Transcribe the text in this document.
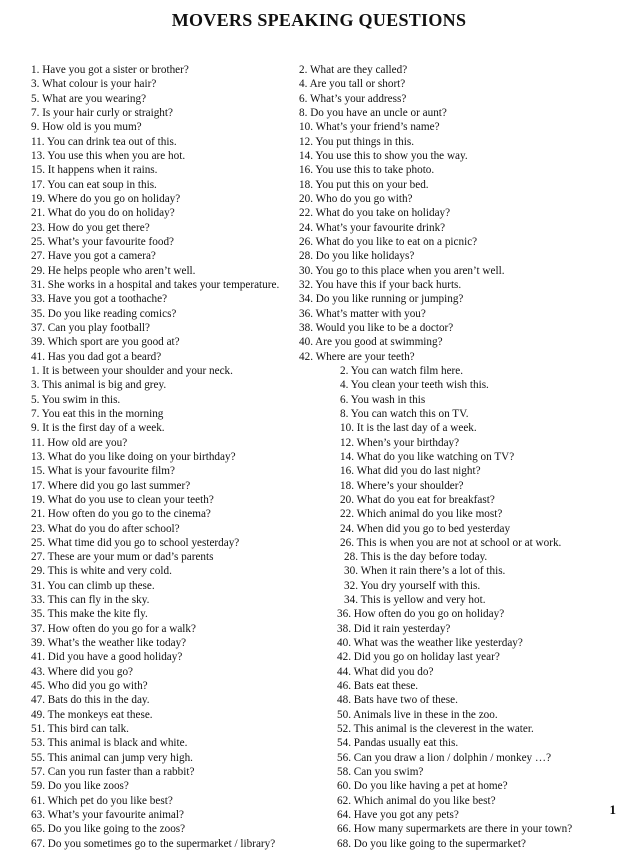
MOVERS SPEAKING QUESTIONS
1. Have you got a sister or brother?
3. What colour is your hair?
5. What are you wearing?
7. Is your hair curly or straight?
9. How old is you mum?
11. You can drink tea out of this.
13. You use this when you are hot.
15. It happens when it rains.
17. You can eat soup in this.
19. Where do you go on holiday?
21. What do you do on holiday?
23. How do you get there?
25. What’s your favourite food?
27. Have you got a camera?
29. He helps people who aren’t well.
31. She works in a hospital and takes your temperature.
33. Have you got a toothache?
35. Do you like reading comics?
37. Can you play football?
39. Which sport are you good at?
41. Has you dad got a beard?
1. It is between your shoulder and your neck.
3. This animal is big and grey.
5. You swim in this.
7. You eat this in the morning
9. It is the first day of a week.
11. How old are you?
13. What do you like doing on your birthday?
15. What is your favourite film?
17. Where did you go last summer?
19. What do you use to clean your teeth?
21. How often do you go to the cinema?
23. What do you do after school?
25. What time did you go to school yesterday?
27. These are your mum or dad’s parents
29. This is white and very cold.
31. You can climb up these.
33. This can fly in the sky.
35. This make the kite fly.
37. How often do you go for a walk?
39. What’s the weather like today?
41. Did you have a good holiday?
43. Where did you go?
45. Who did you go with?
47. Bats do this in the day.
49. The monkeys eat these.
51. This bird can talk.
53. This animal is black and white.
55. This animal can jump very high.
57. Can you run faster than a rabbit?
59. Do you like zoos?
61. Which pet do you like best?
63. What’s your favourite animal?
65. Do you like going to the zoos?
67. Do you sometimes go to the supermarket / library?
2. What are they called?
4. Are you tall or short?
6. What’s your address?
8. Do you have an uncle or aunt?
10. What’s your friend’s name?
12. You put things in this.
14. You use this to show you the way.
16. You use this to take photo.
18. You put this on your bed.
20. Who do you go with?
22. What do you take on holiday?
24. What’s your favourite drink?
26. What do you like to eat on a picnic?
28. Do you like holidays?
30. You go to this place when you aren’t well.
32. You have this if your back hurts.
34. Do you like running or jumping?
36. What’s matter with you?
38. Would you like to be a doctor?
40. Are you good at swimming?
42. Where are your teeth?
2. You can watch film here.
4. You clean your teeth wish this.
6. You wash in this
8. You can watch this on TV.
10. It is the last day of a week.
12. When’s your birthday?
14. What do you like watching on TV?
16. What did you do last night?
18. Where’s your shoulder?
20. What do you eat for breakfast?
22. Which animal do you like most?
24. When did you go to bed yesterday
26. This is when you are not at school or at work.
28. This is the day before today.
30. When it rain there’s a lot of this.
32. You dry yourself with this.
34. This is yellow and very hot.
36. How often do you go on holiday?
38. Did it rain yesterday?
40. What was the weather like yesterday?
42. Did you go on holiday last year?
44. What did you do?
46. Bats eat these.
48. Bats have two of these.
50. Animals live in these in the zoo.
52. This animal is the cleverest in the water.
54. Pandas usually eat this.
56. Can you draw a lion / dolphin / monkey …?
58. Can you swim?
60. Do you like having a pet at home?
62. Which animal do you like best?
64. Have you got any pets?
66. How many supermarkets are there in your town?
68. Do you like going to the supermarket?
1
